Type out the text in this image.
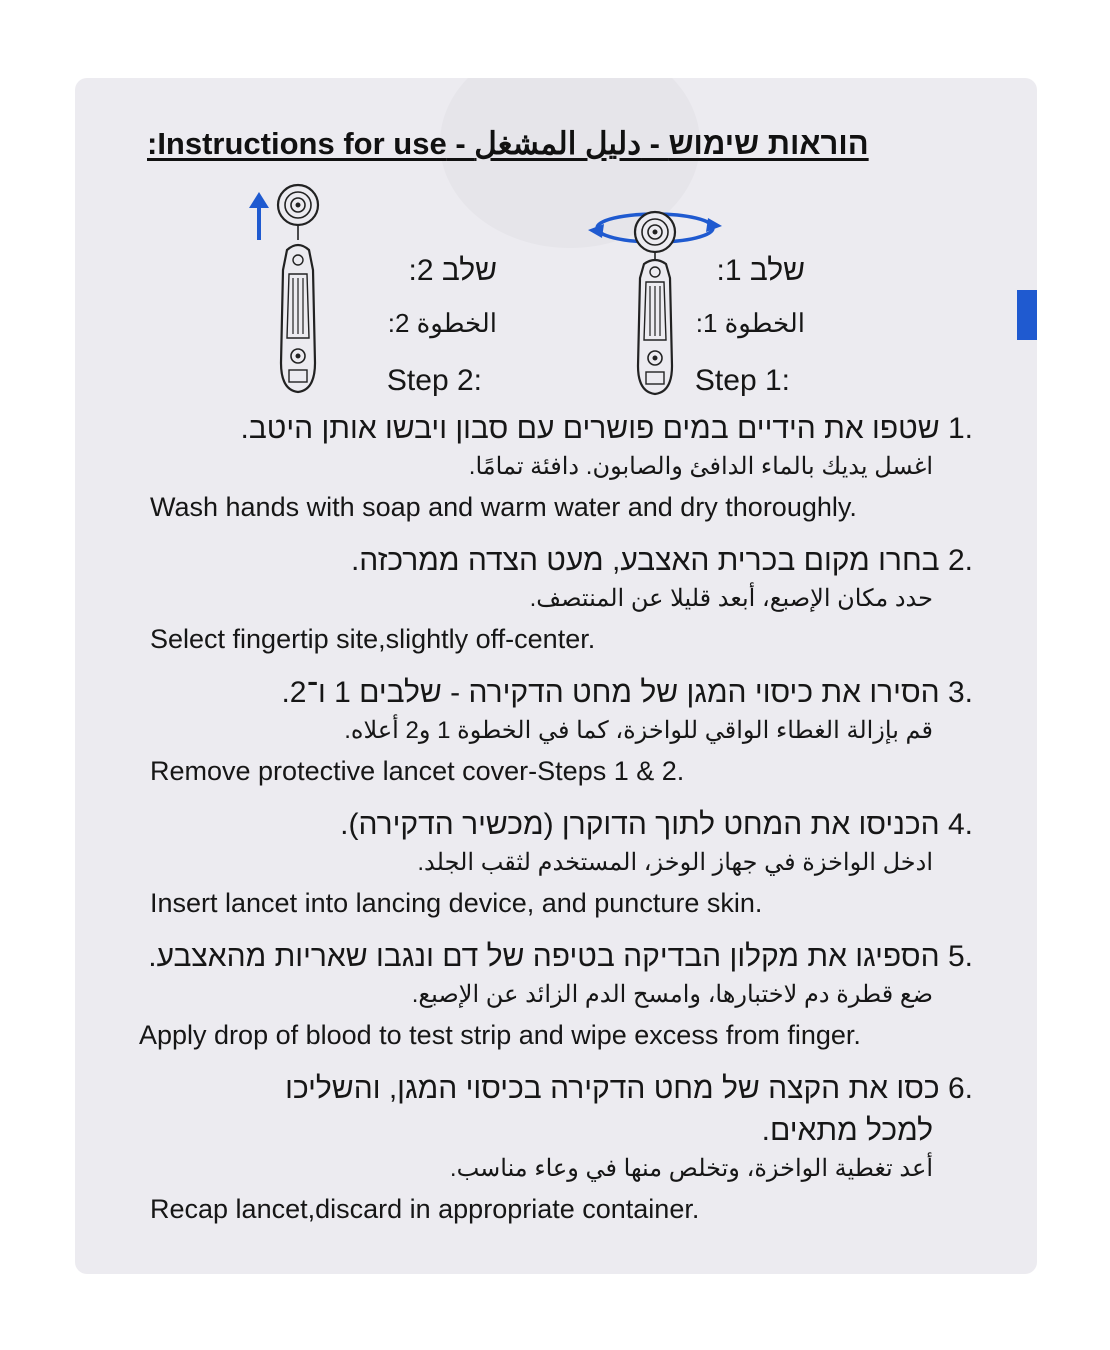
:Instructions for use - دليل المشغل - הוראות שימוש
שלב 2:
الخطوة 2:
:Step 2
שלב 1:
الخطوة 1:
:Step 1
.1 שטפו את הידיים במים פושרים עם סבון ויבשו אותן היטב.
اغسل يديك بالماء الدافئ والصابون. دافئة تمامًا.
Wash hands with soap and warm water and dry thoroughly.
.2 בחרו מקום בכרית האצבע, מעט הצדה ממרכזה.
حدد مكان الإصبع، أبعد قليلا عن المنتصف.
Select fingertip site,slightly off-center.
.3 הסירו את כיסוי המגן של מחט הדקירה - שלבים 1 ו־2.
قم بإزالة الغطاء الواقي للواخزة، كما في الخطوة 1 و2 أعلاه.
Remove protective lancet cover-Steps 1 & 2.
.4 הכניסו את המחט לתוך הדוקרן (מכשיר הדקירה).
ادخل الواخزة في جهاز الوخز، المستخدم لثقب الجلد.
Insert lancet into lancing device, and puncture skin.
.5 הספיגו את מקלון הבדיקה בטיפה של דם ונגבו שאריות מהאצבע.
ضع قطرة دم لاختبارها، وامسح الدم الزائد عن الإصبع.
Apply drop of blood to test strip and wipe excess from finger.
.6 כסו את הקצה של מחט הדקירה בכיסוי המגן, והשליכו
למכל מתאים.
أعد تغطية الواخزة، وتخلص منها في وعاء مناسب.
Recap lancet,discard in appropriate container.
